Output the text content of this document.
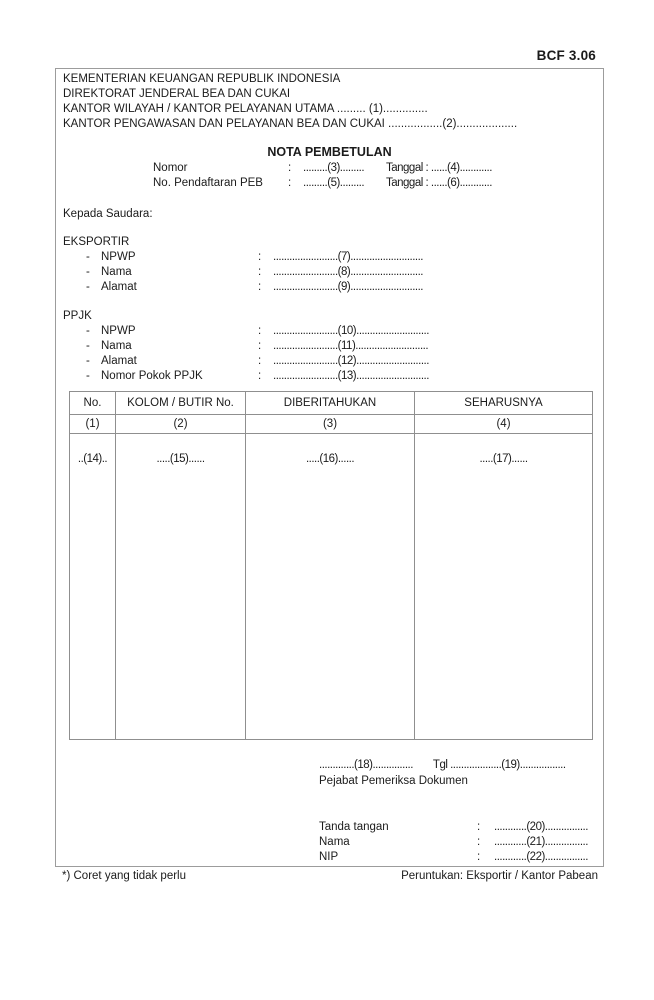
BCF 3.06
KEMENTERIAN KEUANGAN REPUBLIK INDONESIA
DIREKTORAT JENDERAL BEA DAN CUKAI
KANTOR WILAYAH / KANTOR PELAYANAN UTAMA ......... (1)..............
KANTOR PENGAWASAN DAN PELAYANAN BEA DAN CUKAI .................(2)...................
NOTA PEMBETULAN
Nomor	: .........(3)......... Tanggal : ......(4)............
No. Pendaftaran PEB : .........(5)......... Tanggal : ......(6)............
Kepada Saudara:
EKSPORTIR
- NPWP	: ........................(7)...........................
- Nama	: ........................(8)...........................
- Alamat	: ........................(9)...........................
PPJK
- NPWP	: ........................(10)...........................
- Nama	: ........................(11)...........................
- Alamat	: ........................(12)...........................
- Nomor Pokok PPJK	: ........................(13)...........................
No.	KOLOM / BUTIR No.	DIBERITAHUKAN	SEHARUSNYA
(1)	(2)	(3)	(4)
..(14)..	.....(15)......	.....(16)......	.....(17)......
.............(18)............... Tgl ...................(19).................
Pejabat Pemeriksa Dokumen
Tanda tangan	: ............(20)................
Nama	: ............(21)................
NIP	: ............(22)................
*) Coret yang tidak perlu	Peruntukan: Eksportir / Kantor Pabean
